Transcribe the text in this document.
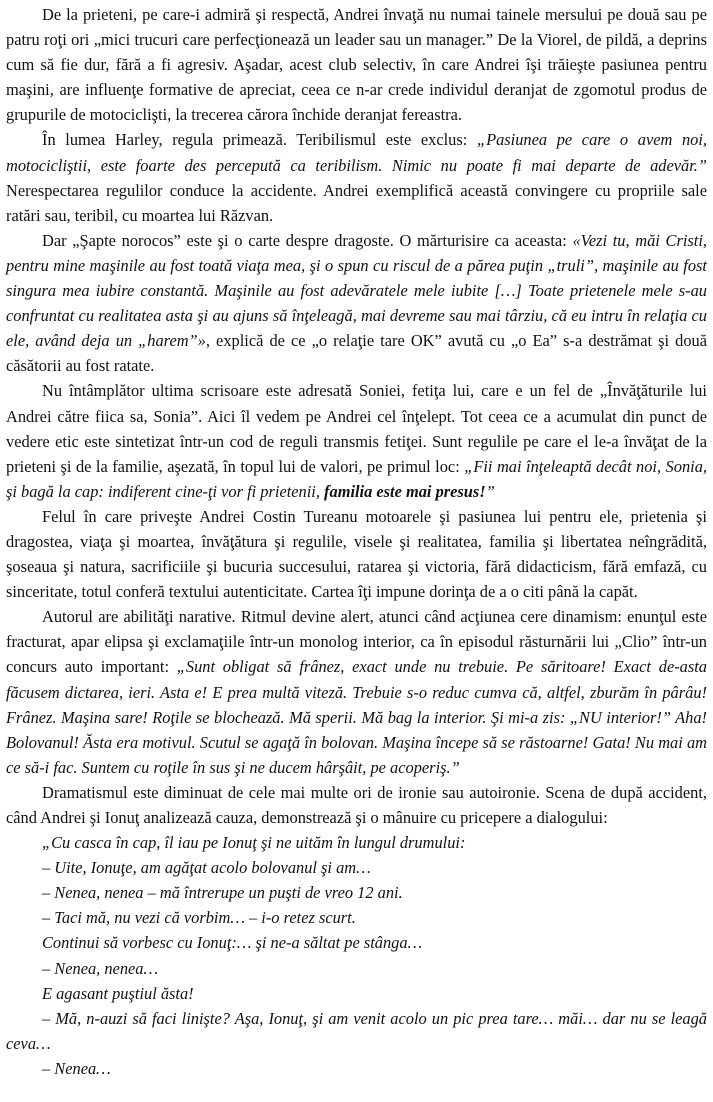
De la prieteni, pe care-i admiră şi respectă, Andrei învaţă nu numai tainele mersului pe două sau pe patru roţi ori „mici trucuri care perfecţionează un leader sau un manager.” De la Viorel, de pildă, a deprins cum să fie dur, fără a fi agresiv. Aşadar, acest club selectiv, în care Andrei îşi trăieşte pasiunea pentru maşini, are influenţe formative de apreciat, ceea ce n-ar crede individul deranjat de zgomotul produs de grupurile de motociclişti, la trecerea cărora închide deranjat fereastra.

În lumea Harley, regula primează. Teribilismul este exclus: „Pasiunea pe care o avem noi, motocicliştii, este foarte des percepută ca teribilism. Nimic nu poate fi mai departe de adevăr.” Nerespectarea regulilor conduce la accidente. Andrei exemplifică această convingere cu propriile sale ratări sau, teribil, cu moartea lui Răzvan.

Dar „Şapte norocos” este şi o carte despre dragoste. O mărturisire ca aceasta: «Vezi tu, măi Cristi, pentru mine maşinile au fost toată viaţa mea, şi o spun cu riscul de a părea puţin „truli”, maşinile au fost singura mea iubire constantă. Maşinile au fost adevăratele mele iubite […] Toate prietenele mele s-au confruntat cu realitatea asta şi au ajuns să înţeleagă, mai devreme sau mai târziu, că eu intru în relaţia cu ele, având deja un „harem”», explică de ce „o relaţie tare OK” avută cu „o Ea” s-a destrămat şi două căsătorii au fost ratate.

Nu întâmplător ultima scrisoare este adresată Soniei, fetiţa lui, care e un fel de „Învăţăturile lui Andrei către fiica sa, Sonia”. Aici îl vedem pe Andrei cel înţelept. Tot ceea ce a acumulat din punct de vedere etic este sintetizat într-un cod de reguli transmis fetiţei. Sunt regulile pe care el le-a învăţat de la prieteni şi de la familie, aşezată, în topul lui de valori, pe primul loc: „Fii mai înţeleaptă decât noi, Sonia, şi bagă la cap: indiferent cine-ţi vor fi prietenii, familia este mai presus!”

Felul în care priveşte Andrei Costin Tureanu motoarele şi pasiunea lui pentru ele, prietenia şi dragostea, viaţa şi moartea, învăţătura şi regulile, visele şi realitatea, familia şi libertatea neîngrădită, şoseaua şi natura, sacrificiile şi bucuria succesului, ratarea şi victoria, fără didacticism, fără emfază, cu sinceritate, totul conferă textului autenticitate. Cartea îţi impune dorinţa de a o citi până la capăt.

Autorul are abilităţi narative. Ritmul devine alert, atunci când acţiunea cere dinamism: enunţul este fracturat, apar elipsa şi exclamaţiile într-un monolog interior, ca în episodul răsturnării lui „Clio” într-un concurs auto important: „Sunt obligat să frânez, exact unde nu trebuie. Pe săritoare! Exact de-asta făcusem dictarea, ieri. Asta e! E prea multă viteză. Trebuie s-o reduc cumva că, altfel, zburăm în pârâu! Frânez. Maşina sare! Roţile se blochează. Mă sperii. Mă bag la interior. Şi mi-a zis: „NU interior!” Aha! Bolovanul! Ăsta era motivul. Scutul se agaţă în bolovan. Maşina începe să se răstoarne! Gata! Nu mai am ce să-i fac. Suntem cu roţile în sus şi ne ducem hârşâit, pe acoperiş.”

Dramatismul este diminuat de cele mai multe ori de ironie sau autoironie. Scena de după accident, când Andrei şi Ionuţ analizează cauza, demonstrează şi o mânuire cu pricepere a dialogului:

„Cu casca în cap, îl iau pe Ionuţ şi ne uităm în lungul drumului:

– Uite, Ionuţe, am agăţat acolo bolovanul şi am…

– Nenea, nenea – mă întrerupe un puşti de vreo 12 ani.

– Taci mă, nu vezi că vorbim… – i-o retez scurt.

Continui să vorbesc cu Ionuţ:… şi ne-a săltat pe stânga…

– Nenea, nenea…

E agasant puştiul ăsta!

– Mă, n-auzi să faci linişte? Aşa, Ionuţ, şi am venit acolo un pic prea tare… măi… dar nu se leagă ceva…

– Nenea…
